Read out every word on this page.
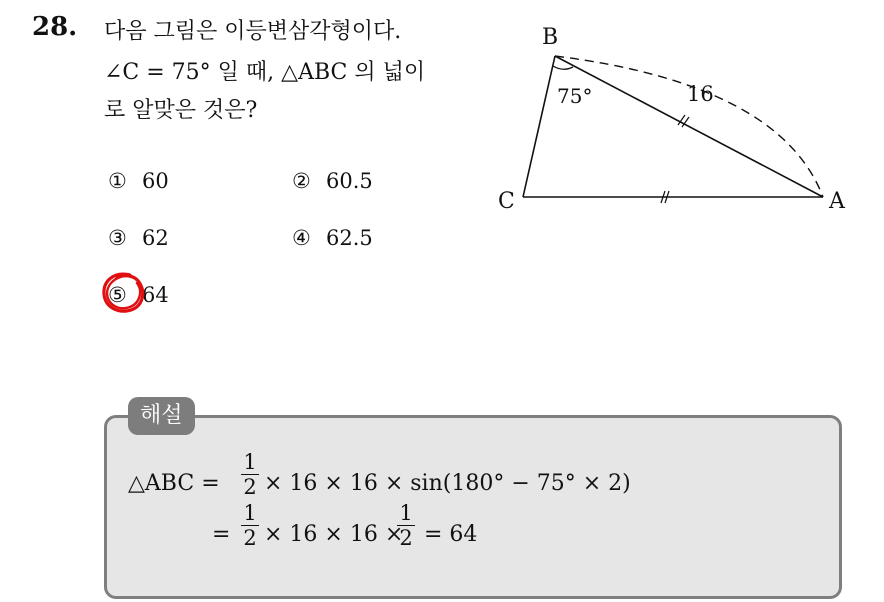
28. 다음 그림은 이등변삼각형이다.
∠C = 75° 일 때, △ABC 의 넓이
로 알맞은 것은?
① 60	② 60.5
③ 62	④ 62.5
⑤ 64
B
C	A
75°	16
해설
△ABC =
1
2 × 16 × 16 × sin(180° − 75° × 2)
=
1
2 × 16 × 16 ×
1
2 = 64
